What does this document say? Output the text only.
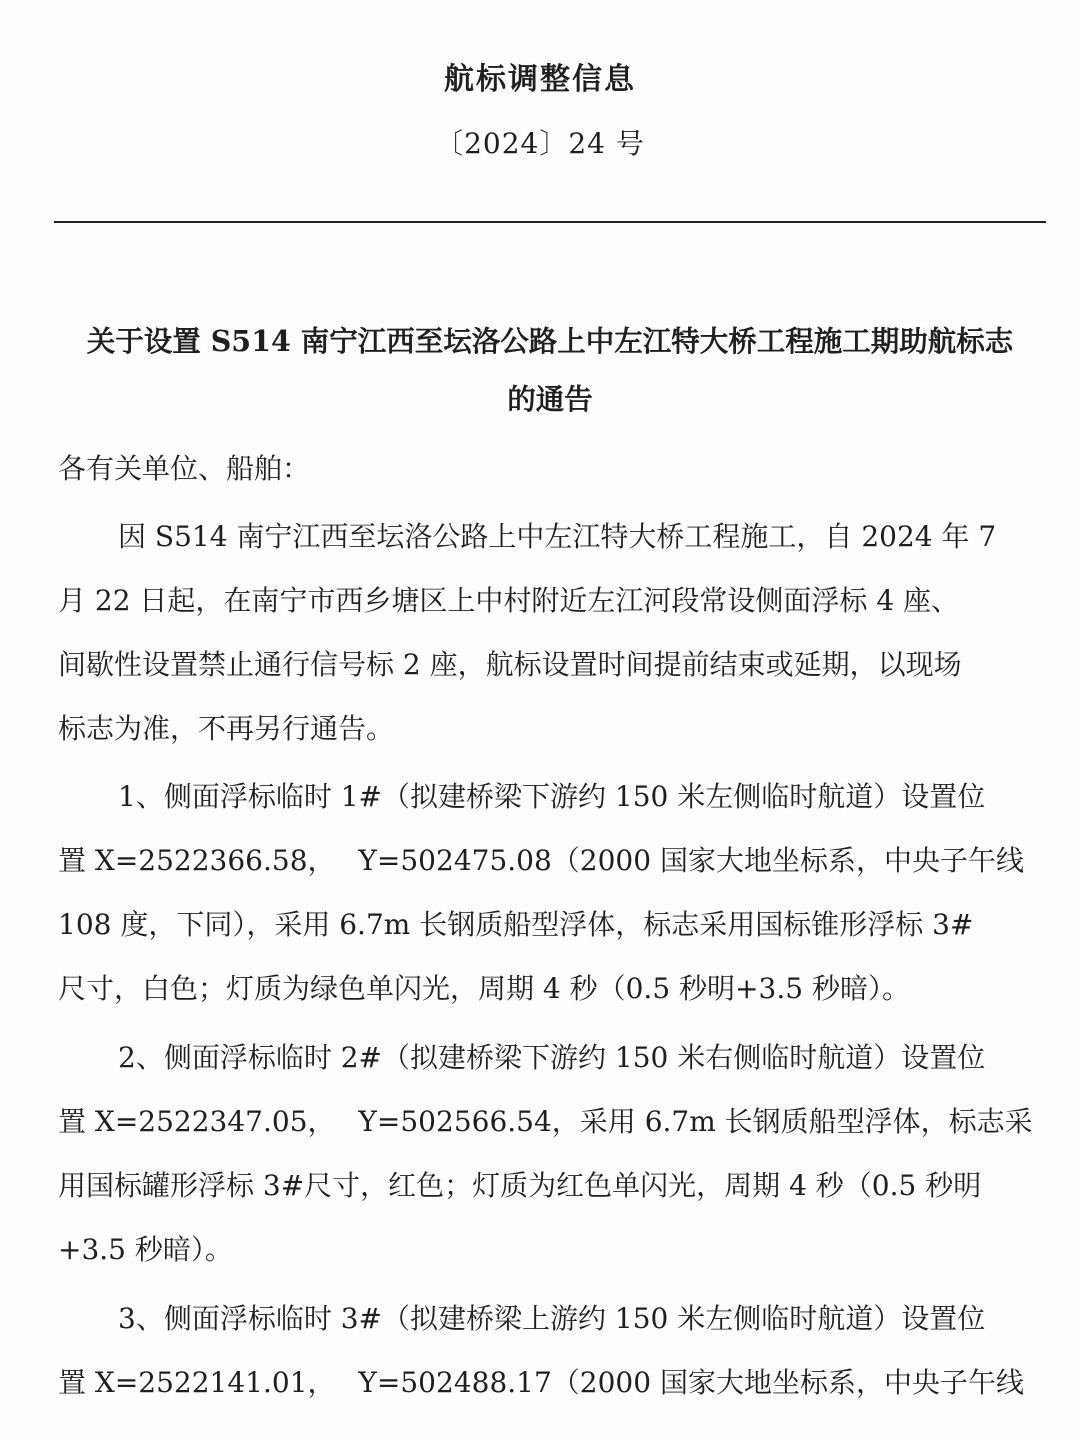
航标调整信息
〔2024〕24 号
关于设置 S514 南宁江西至坛洛公路上中左江特大桥工程施工期助航标志
的通告
各有关单位、船舶：
因 S514 南宁江西至坛洛公路上中左江特大桥工程施工，自 2024 年 7
月 22 日起，在南宁市西乡塘区上中村附近左江河段常设侧面浮标 4 座、
间歇性设置禁止通行信号标 2 座，航标设置时间提前结束或延期，以现场
标志为准，不再另行通告。
1、侧面浮标临时 1#（拟建桥梁下游约 150 米左侧临时航道）设置位
置 X=2522366.58，　 Y=502475.08（2000 国家大地坐标系，中央子午线
108 度，下同），采用 6.7m 长钢质船型浮体，标志采用国标锥形浮标 3#
尺寸，白色；灯质为绿色单闪光，周期 4 秒（0.5 秒明+3.5 秒暗）。
2、侧面浮标临时 2#（拟建桥梁下游约 150 米右侧临时航道）设置位
置 X=2522347.05，　 Y=502566.54，采用 6.7m 长钢质船型浮体，标志采
用国标罐形浮标 3#尺寸，红色；灯质为红色单闪光，周期 4 秒（0.5 秒明
+3.5 秒暗）。
3、侧面浮标临时 3#（拟建桥梁上游约 150 米左侧临时航道）设置位
置 X=2522141.01，　 Y=502488.17（2000 国家大地坐标系，中央子午线
